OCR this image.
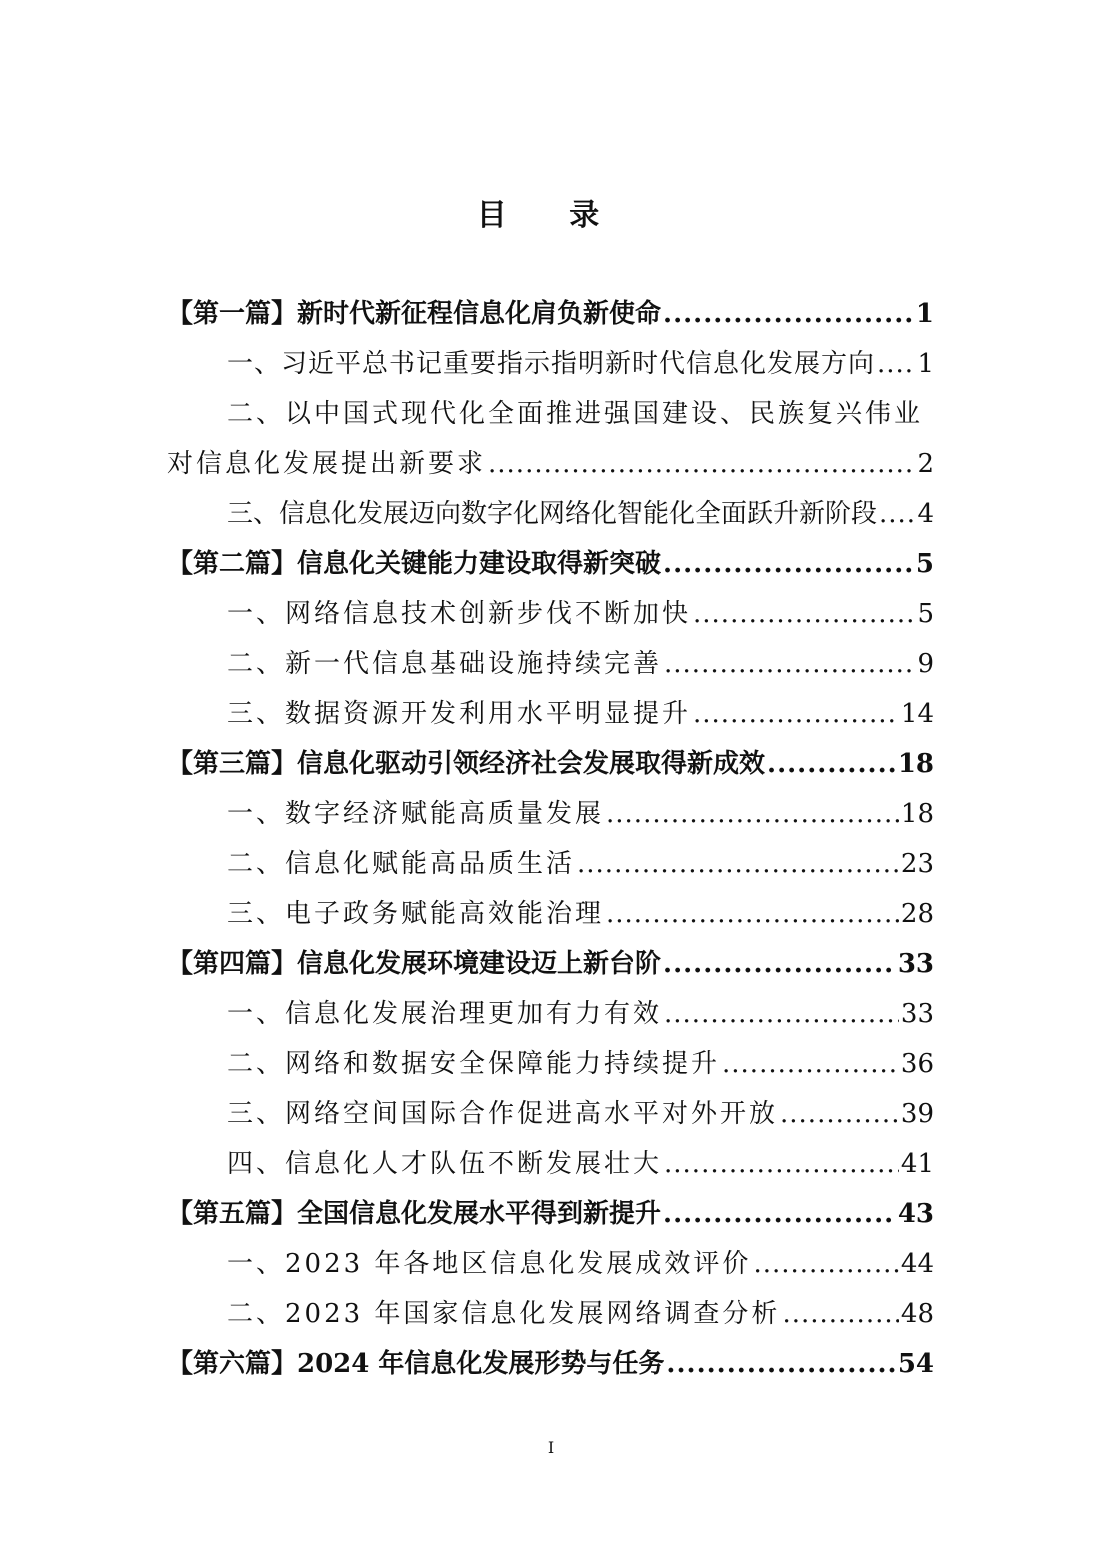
目 录
【第一篇】新时代新征程信息化肩负新使命 .....	1
一、习近平总书记重要指示指明新时代信息化发展方向 ..... 1
二、以中国式现代化全面推进强国建设、民族复兴伟业
对信息化发展提出新要求 .....	2
三、信息化发展迈向数字化网络化智能化全面跃升新阶段 ..... 4
【第二篇】信息化关键能力建设取得新突破 .....	5
一、网络信息技术创新步伐不断加快 .....	5
二、新一代信息基础设施持续完善 .....	9
三、数据资源开发利用水平明显提升 .....	14
【第三篇】信息化驱动引领经济社会发展取得新成效 .....	18
一、数字经济赋能高质量发展 .....	18
二、信息化赋能高品质生活 .....	23
三、电子政务赋能高效能治理 .....	28
【第四篇】信息化发展环境建设迈上新台阶 .....	33
一、信息化发展治理更加有力有效 .....	33
二、网络和数据安全保障能力持续提升 .....	36
三、网络空间国际合作促进高水平对外开放 .....	39
四、信息化人才队伍不断发展壮大 .....	41
【第五篇】全国信息化发展水平得到新提升 .....	43
一、2023 年各地区信息化发展成效评价 .....	44
二、2023 年国家信息化发展网络调查分析 .....	48
【第六篇】2024 年信息化发展形势与任务 .....	54
I
